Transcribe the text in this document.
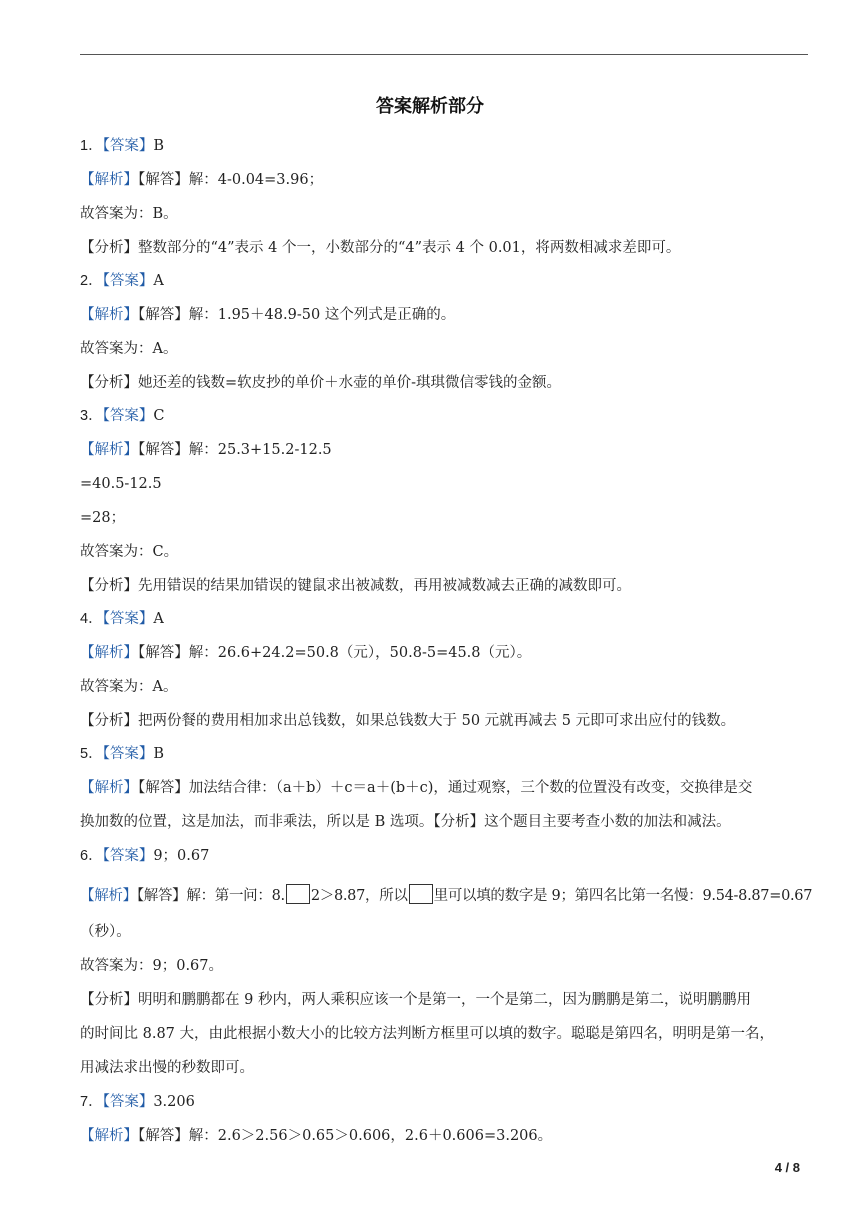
答案解析部分
1．【答案】B
【解析】【解答】解：4-0.04=3.96；
故答案为：B。
【分析】整数部分的“4”表示 4 个一，小数部分的“4”表示 4 个 0.01，将两数相减求差即可。
2．【答案】A
【解析】【解答】解：1.95＋48.9-50 这个列式是正确的。
故答案为：A。
【分析】她还差的钱数=软皮抄的单价＋水壶的单价-琪琪微信零钱的金额。
3．【答案】C
【解析】【解答】解：25.3+15.2-12.5
=40.5-12.5
=28；
故答案为：C。
【分析】先用错误的结果加错误的键鼠求出被减数，再用被减数减去正确的减数即可。
4．【答案】A
【解析】【解答】解：26.6+24.2=50.8（元），50.8-5=45.8（元）。
故答案为：A。
【分析】把两份餐的费用相加求出总钱数，如果总钱数大于 50 元就再减去 5 元即可求出应付的钱数。
5．【答案】B
【解析】【解答】加法结合律：（a＋b）＋c＝a＋(b＋c)，通过观察，三个数的位置没有改变，交换律是交
换加数的位置，这是加法，而非乘法，所以是 B 选项。【分析】这个题目主要考查小数的加法和减法。
6．【答案】9；0.67
【解析】【解答】解：第一问：8. 2＞8.87，所以 里可以填的数字是 9；第四名比第一名慢：9.54-8.87=0.67
（秒）。
故答案为：9；0.67。
【分析】明明和鹏鹏都在 9 秒内，两人乘积应该一个是第一，一个是第二，因为鹏鹏是第二，说明鹏鹏用
的时间比 8.87 大，由此根据小数大小的比较方法判断方框里可以填的数字。聪聪是第四名，明明是第一名，
用减法求出慢的秒数即可。
7．【答案】3.206
【解析】【解答】解：2.6＞2.56＞0.65＞0.606，2.6＋0.606=3.206。
4 / 8
